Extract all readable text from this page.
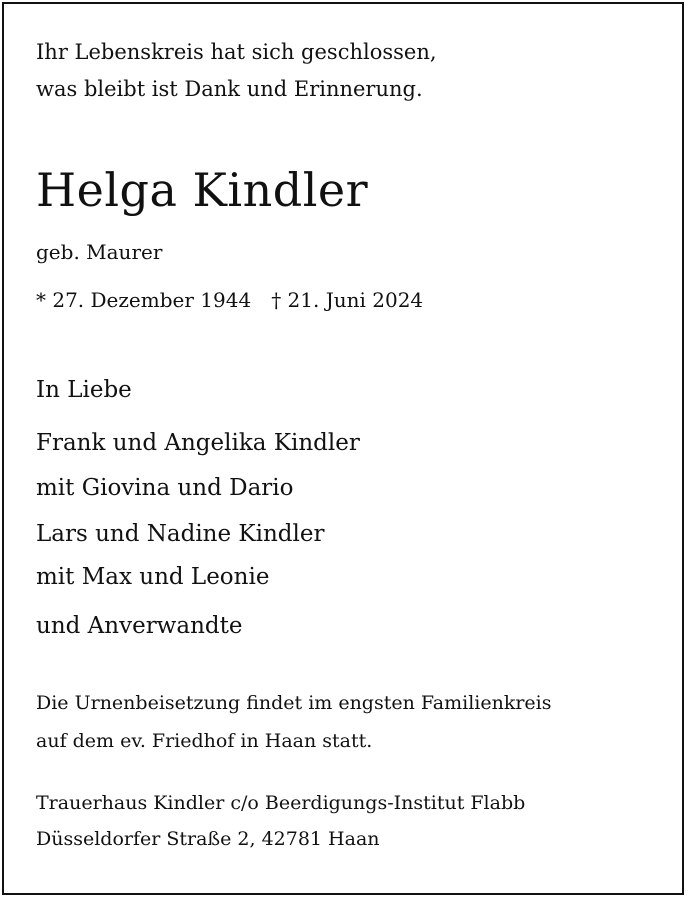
Ihr Lebenskreis hat sich geschlossen,
was bleibt ist Dank und Erinnerung.
Helga Kindler
geb. Maurer
* 27. Dezember 1944 † 21. Juni 2024
In Liebe
Frank und Angelika Kindler
mit Giovina und Dario
Lars und Nadine Kindler
mit Max und Leonie
und Anverwandte
Die Urnenbeisetzung findet im engsten Familienkreis
auf dem ev. Friedhof in Haan statt.
Trauerhaus Kindler c/o Beerdigungs-Institut Flabb
Düsseldorfer Straße 2, 42781 Haan
